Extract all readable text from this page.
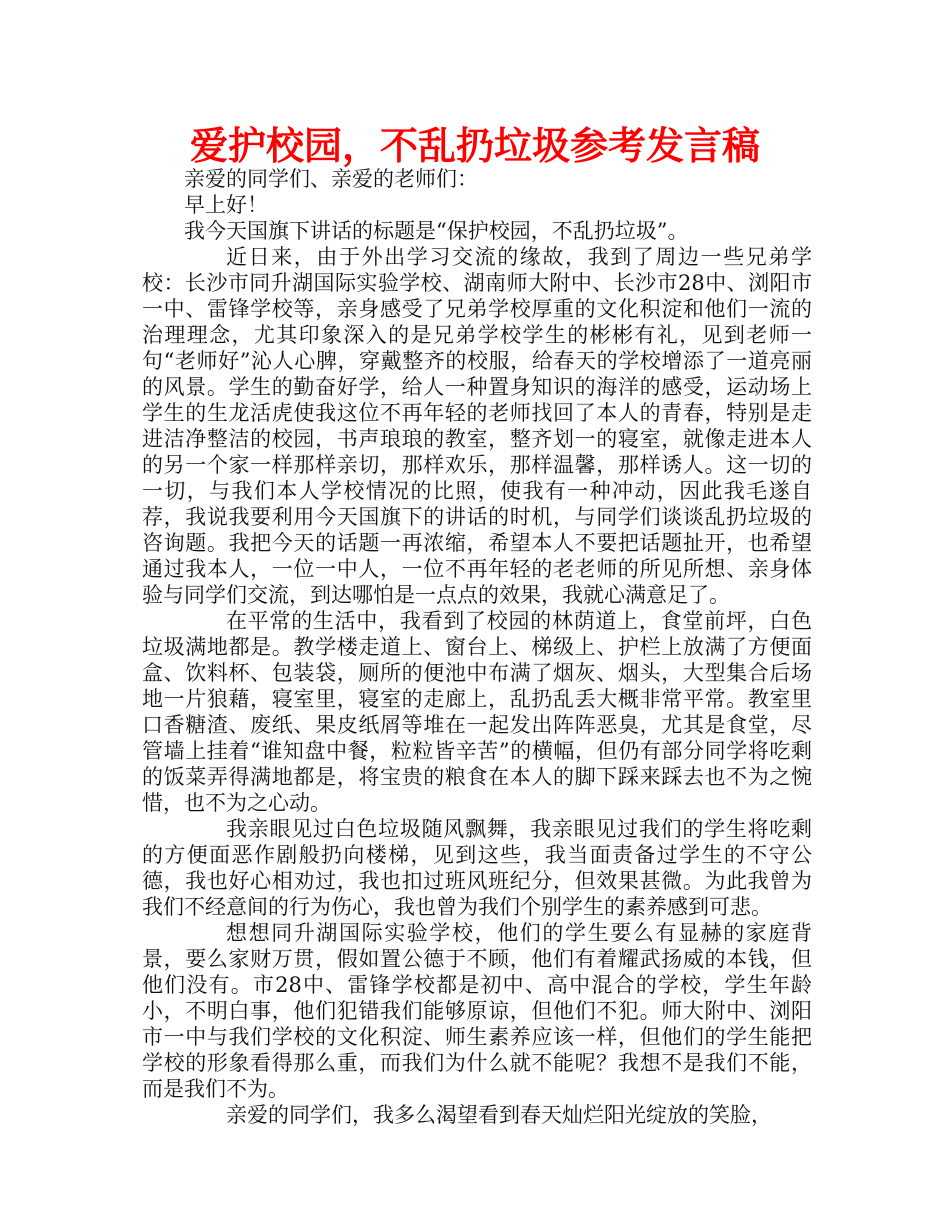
爱护校园，不乱扔垃圾参考发言稿

亲爱的同学们、亲爱的老师们：

早上好！

我今天国旗下讲话的标题是“保护校园，不乱扔垃圾”。

近日来，由于外出学习交流的缘故，我到了周边一些兄弟学校：长沙市同升湖国际实验学校、湖南师大附中、长沙市28中、浏阳市一中、雷锋学校等，亲身感受了兄弟学校厚重的文化积淀和他们一流的治理理念，尤其印象深入的是兄弟学校学生的彬彬有礼，见到老师一句“老师好”沁人心脾，穿戴整齐的校服，给春天的学校增添了一道亮丽的风景。学生的勤奋好学，给人一种置身知识的海洋的感受，运动场上学生的生龙活虎使我这位不再年轻的老师找回了本人的青春，特别是走进洁净整洁的校园，书声琅琅的教室，整齐划一的寝室，就像走进本人的另一个家一样那样亲切，那样欢乐，那样温馨，那样诱人。这一切的一切，与我们本人学校情况的比照，使我有一种冲动，因此我毛遂自荐，我说我要利用今天国旗下的讲话的时机，与同学们谈谈乱扔垃圾的咨询题。我把今天的话题一再浓缩，希望本人不要把话题扯开，也希望通过我本人，一位一中人，一位不再年轻的老老师的所见所想、亲身体验与同学们交流，到达哪怕是一点点的效果，我就心满意足了。

在平常的生活中，我看到了校园的林荫道上，食堂前坪，白色垃圾满地都是。教学楼走道上、窗台上、梯级上、护栏上放满了方便面盒、饮料杯、包装袋，厕所的便池中布满了烟灰、烟头，大型集合后场地一片狼藉，寝室里，寝室的走廊上，乱扔乱丢大概非常平常。教室里口香糖渣、废纸、果皮纸屑等堆在一起发出阵阵恶臭，尤其是食堂，尽管墙上挂着“谁知盘中餐，粒粒皆辛苦”的横幅，但仍有部分同学将吃剩的饭菜弄得满地都是，将宝贵的粮食在本人的脚下踩来踩去也不为之惋惜，也不为之心动。

我亲眼见过白色垃圾随风飘舞，我亲眼见过我们的学生将吃剩的方便面恶作剧般扔向楼梯，见到这些，我当面责备过学生的不守公德，我也好心相劝过，我也扣过班风班纪分，但效果甚微。为此我曾为我们不经意间的行为伤心，我也曾为我们个别学生的素养感到可悲。

想想同升湖国际实验学校，他们的学生要么有显赫的家庭背景，要么家财万贯，假如置公德于不顾，他们有着耀武扬威的本钱，但他们没有。市28中、雷锋学校都是初中、高中混合的学校，学生年龄小，不明白事，他们犯错我们能够原谅，但他们不犯。师大附中、浏阳市一中与我们学校的文化积淀、师生素养应该一样，但他们的学生能把学校的形象看得那么重，而我们为什么就不能呢？我想不是我们不能，而是我们不为。

亲爱的同学们，我多么渴望看到春天灿烂阳光绽放的笑脸，
